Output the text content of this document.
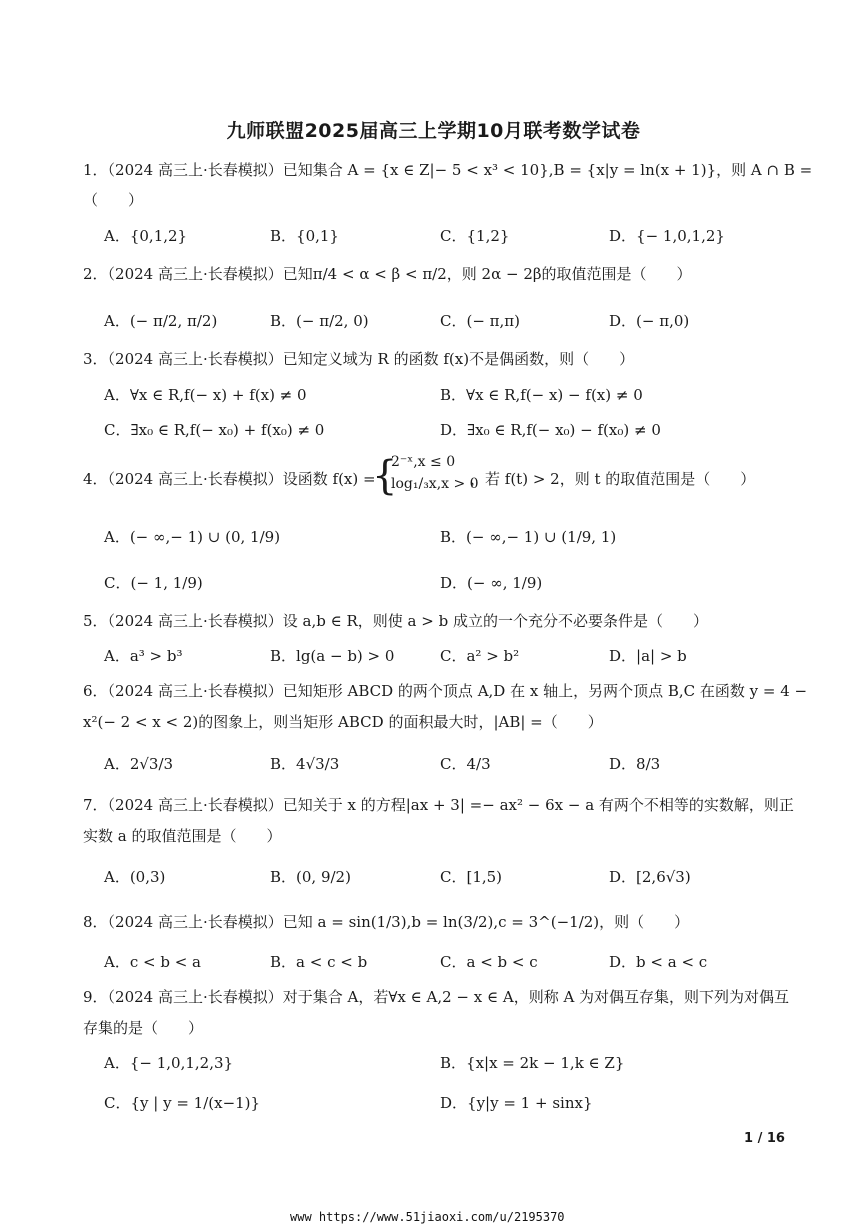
九师联盟2025届高三上学期10月联考数学试卷
1．（2024 高三上·长春模拟）已知集合 A = {x ∈ Z|− 5 < x³ < 10},B = {x|y = ln(x + 1)}，则 A ∩ B =
（　　）
A．{0,1,2}	B．{0,1}	C．{1,2}	D．{− 1,0,1,2}
2．（2024 高三上·长春模拟）已知π/4 < α < β < π/2，则 2α − 2β的取值范围是（　　）
A．(− π/2, π/2)	B．(− π/2, 0)	C．(− π,π)	D．(− π,0)
3．（2024 高三上·长春模拟）已知定义域为 R 的函数 f(x)不是偶函数，则（　　）
A．∀x ∈ R,f(− x) + f(x) ≠ 0	B．∀x ∈ R,f(− x) − f(x) ≠ 0
C．∃x₀ ∈ R,f(− x₀) + f(x₀) ≠ 0	D．∃x₀ ∈ R,f(− x₀) − f(x₀) ≠ 0
4．（2024 高三上·长春模拟）设函数 f(x) =
{
2⁻ˣ,x ≤ 0
log₁/₃x,x > 0
，若 f(t) > 2，则 t 的取值范围是（　　）
A．(− ∞,− 1) ∪ (0, 1/9)	B．(− ∞,− 1) ∪ (1/9, 1)
C．(− 1, 1/9)	D．(− ∞, 1/9)
5．（2024 高三上·长春模拟）设 a,b ∈ R，则使 a > b 成立的一个充分不必要条件是（　　）
A．a³ > b³	B．lg(a − b) > 0	C．a² > b²	D．|a| > b
6．（2024 高三上·长春模拟）已知矩形 ABCD 的两个顶点 A,D 在 x 轴上，另两个顶点 B,C 在函数 y = 4 −
x²(− 2 < x < 2)的图象上，则当矩形 ABCD 的面积最大时，|AB| =（　　）
A．2√3/3	B．4√3/3	C．4/3	D．8/3
7．（2024 高三上·长春模拟）已知关于 x 的方程|ax + 3| =− ax² − 6x − a 有两个不相等的实数解，则正
实数 a 的取值范围是（　　）
A．(0,3)	B．(0, 9/2)	C．[1,5)	D．[2,6√3)
8．（2024 高三上·长春模拟）已知 a = sin(1/3),b = ln(3/2),c = 3^(−1/2)，则（　　）
A．c < b < a	B．a < c < b	C．a < b < c	D．b < a < c
9．（2024 高三上·长春模拟）对于集合 A，若∀x ∈ A,2 − x ∈ A，则称 A 为对偶互存集，则下列为对偶互
存集的是（　　）
A．{− 1,0,1,2,3}	B．{x|x = 2k − 1,k ∈ Z}
C．{y | y = 1/(x−1)}	D．{y|y = 1 + sinx}
1 / 16
www https://www.51jiaoxi.com/u/2195370
